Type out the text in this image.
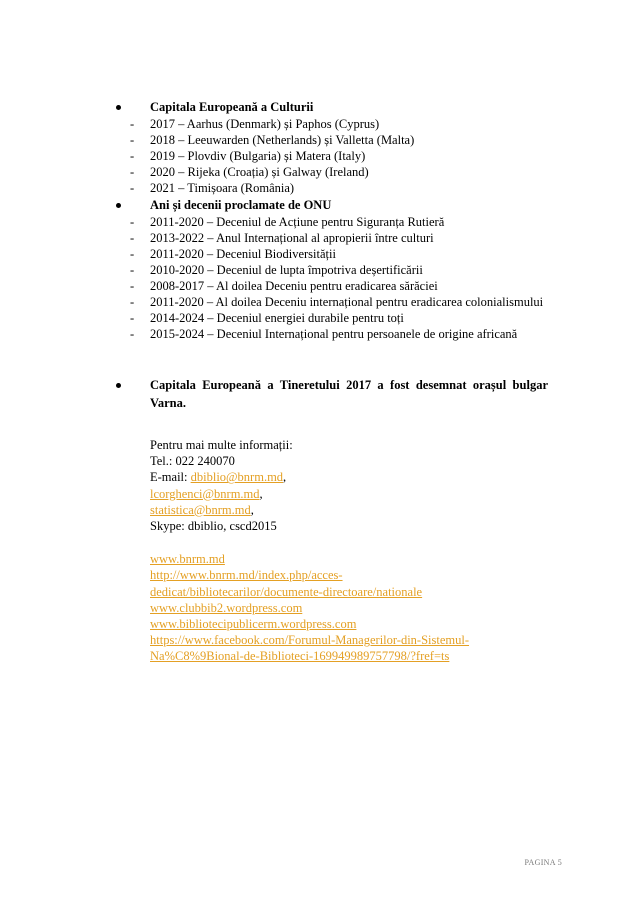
Capitala Europeană a Culturii
- 2017 – Aarhus (Denmark) și Paphos (Cyprus)
- 2018 – Leeuwarden (Netherlands) și Valletta (Malta)
- 2019 – Plovdiv (Bulgaria) și Matera (Italy)
- 2020 – Rijeka (Croația) și Galway (Ireland)
- 2021 – Timișoara (România)
Ani și decenii proclamate de ONU
- 2011-2020 – Deceniul de Acțiune pentru Siguranța Rutieră
- 2013-2022 – Anul Internațional al apropierii între culturi
- 2011-2020 – Deceniul Biodiversității
- 2010-2020 – Deceniul de lupta împotriva deșertificării
- 2008-2017 – Al doilea Deceniu pentru eradicarea sărăciei
- 2011-2020 – Al doilea Deceniu internațional pentru eradicarea colonialismului
- 2014-2024 – Deceniul energiei durabile pentru toți
- 2015-2024 – Deceniul Internațional pentru persoanele de origine africană
Capitala Europeană a Tineretului 2017 a fost desemnat orașul bulgar Varna.
Pentru mai multe informații:
Tel.: 022 240070
E-mail: dbiblio@bnrm.md,
lcorghenci@bnrm.md,
statistica@bnrm.md,
Skype: dbiblio, cscd2015
www.bnrm.md
http://www.bnrm.md/index.php/acces-
dedicat/bibliotecarilor/documente-directoare/nationale
www.clubbib2.wordpress.com
www.bibliotecipublicerm.wordpress.com
https://www.facebook.com/Forumul-Managerilor-din-Sistemul-
Na%C8%9Bional-de-Biblioteci-169949989757798/?fref=ts
PAGINA 5
